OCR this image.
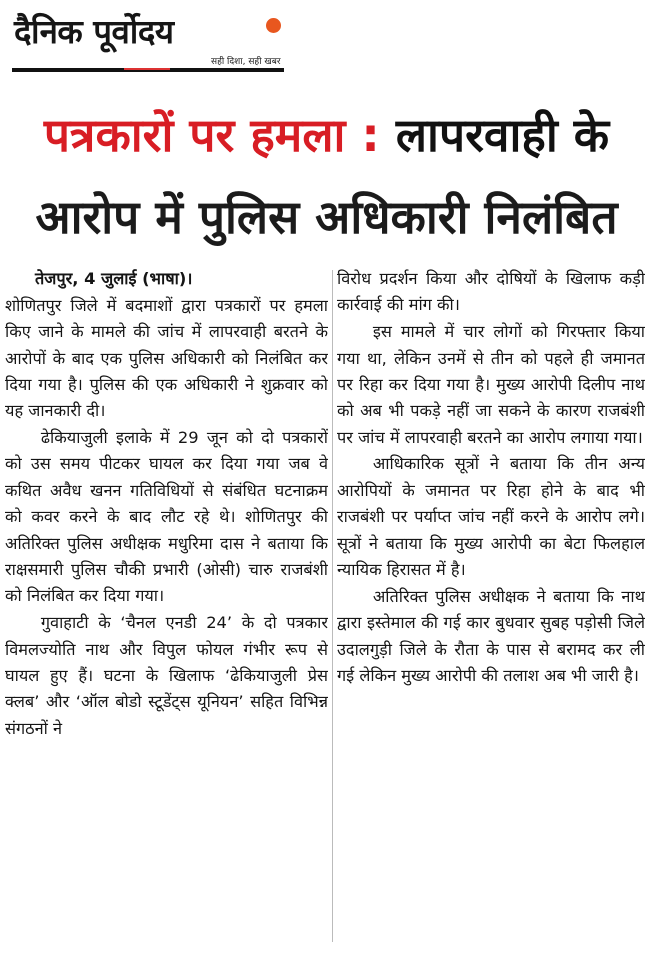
दैनिक पूर्वोदय
सही दिशा, सही खबर
पत्रकारों पर हमला : लापरवाही के
आरोप में पुलिस अधिकारी निलंबित

तेजपुर, 4 जुलाई (भाषा)।

शोणितपुर जिले में बदमाशों द्वारा पत्रकारों पर हमला किए जाने के मामले की जांच में लापरवाही बरतने के आरोपों के बाद एक पुलिस अधिकारी को निलंबित कर दिया गया है। पुलिस की एक अधिकारी ने शुक्रवार को यह जानकारी दी।

ढेकियाजुली इलाके में 29 जून को दो पत्रकारों को उस समय पीटकर घायल कर दिया गया जब वे कथित अवैध खनन गतिविधियों से संबंधित घटनाक्रम को कवर करने के बाद लौट रहे थे। शोणितपुर की अतिरिक्त पुलिस अधीक्षक मधुरिमा दास ने बताया कि राक्षसमारी पुलिस चौकी प्रभारी (ओसी) चारु राजबंशी को निलंबित कर दिया गया।

गुवाहाटी के ‘चैनल एनडी 24’ के दो पत्रकार विमलज्योति नाथ और विपुल फोयल गंभीर रूप से घायल हुए हैं। घटना के खिलाफ ‘ढेकियाजुली प्रेस क्लब’ और ‘ऑल बोडो स्टूडेंट्स यूनियन’ सहित विभिन्न संगठनों ने

विरोध प्रदर्शन किया और दोषियों के खिलाफ कड़ी कार्रवाई की मांग की।

इस मामले में चार लोगों को गिरफ्तार किया गया था, लेकिन उनमें से तीन को पहले ही जमानत पर रिहा कर दिया गया है। मुख्य आरोपी दिलीप नाथ को अब भी पकड़े नहीं जा सकने के कारण राजबंशी पर जांच में लापरवाही बरतने का आरोप लगाया गया।

आधिकारिक सूत्रों ने बताया कि तीन अन्य आरोपियों के जमानत पर रिहा होने के बाद भी राजबंशी पर पर्याप्त जांच नहीं करने के आरोप लगे। सूत्रों ने बताया कि मुख्य आरोपी का बेटा फिलहाल न्यायिक हिरासत में है।

अतिरिक्त पुलिस अधीक्षक ने बताया कि नाथ द्वारा इस्तेमाल की गई कार बुधवार सुबह पड़ोसी जिले उदालगुड़ी जिले के रौता के पास से बरामद कर ली गई लेकिन मुख्य आरोपी की तलाश अब भी जारी है।
